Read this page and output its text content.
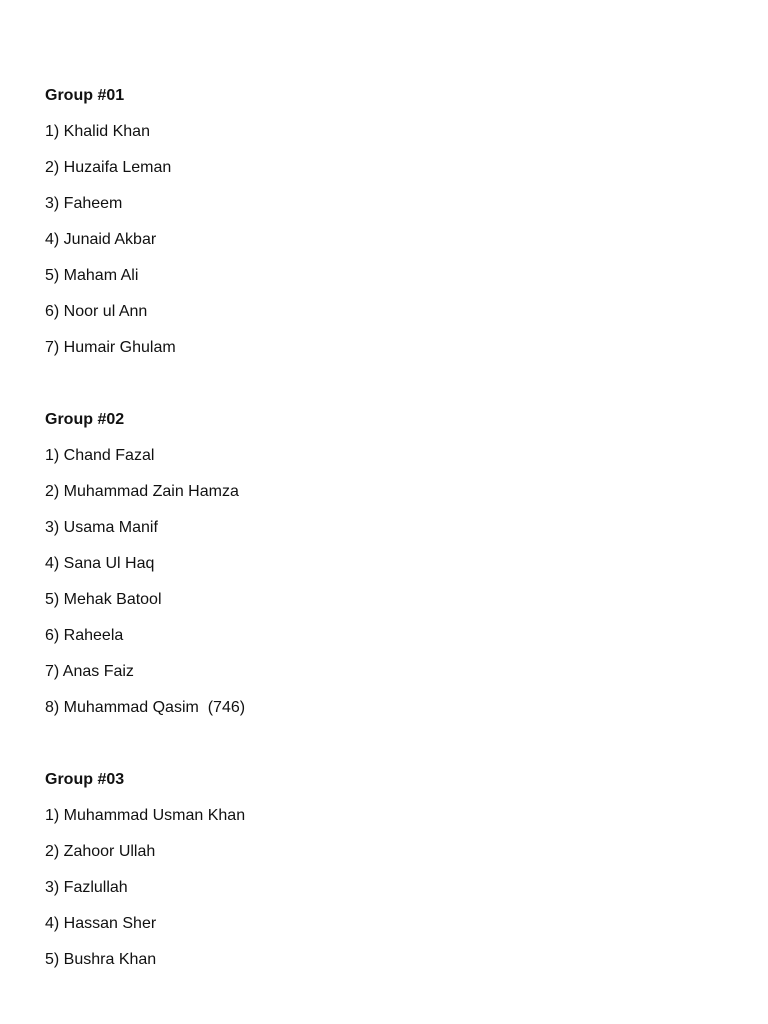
Group #01

1) Khalid Khan

2) Huzaifa Leman

3) Faheem

4) Junaid Akbar

5) Maham Ali

6) Noor ul Ann

7) Humair Ghulam

Group #02

1) Chand Fazal

2) Muhammad Zain Hamza

3) Usama Manif

4) Sana Ul Haq

5) Mehak Batool

6) Raheela

7) Anas Faiz

8) Muhammad Qasim  (746)

Group #03

1) Muhammad Usman Khan

2) Zahoor Ullah

3) Fazlullah

4) Hassan Sher

5) Bushra Khan
